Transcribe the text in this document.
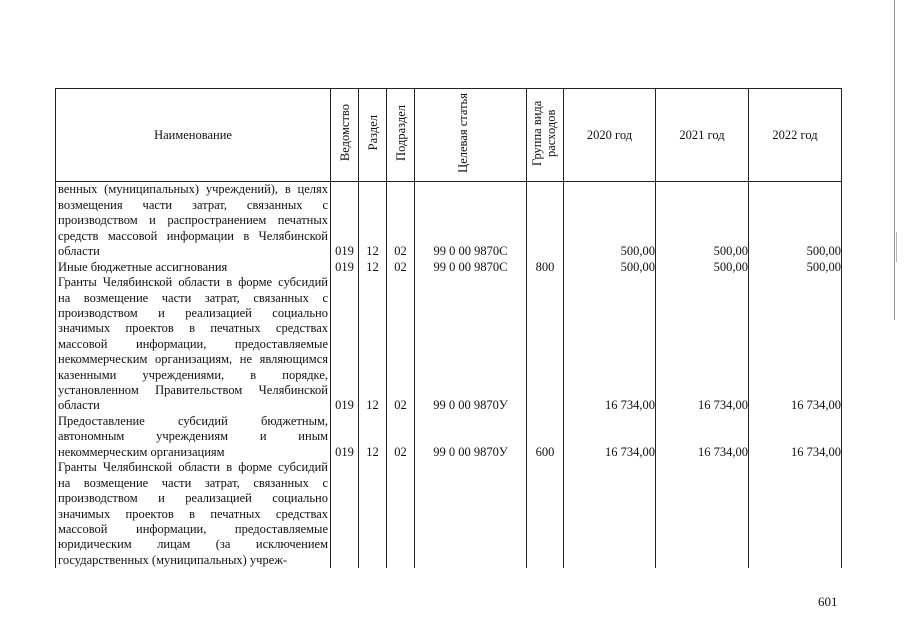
Наименование	Ведомство	Раздел	Подраздел	Целевая статья	Группа вида расходов	2020 год	2021 год	2022 год
венных (муниципальных) учреждений), в целях возмещения части затрат, связанных с производством и распространением печатных средств массовой информации в Челябинской области	019	12	02	99 0 00 9870С		500,00	500,00	500,00
Иные бюджетные ассигнования	019	12	02	99 0 00 9870С	800	500,00	500,00	500,00
Гранты Челябинской области в форме субсидий на возмещение части затрат, связанных с производством и реализацией социально значимых проектов в печатных средствах массовой информации, предоставляемые некоммерческим организациям, не являющимся казенными учреждениями, в порядке, установленном Правительством Челябинской области	019	12	02	99 0 00 9870У		16 734,00	16 734,00	16 734,00
Предоставление субсидий бюджетным, автономным учреждениям и иным некоммерческим организациям	019	12	02	99 0 00 9870У	600	16 734,00	16 734,00	16 734,00
Гранты Челябинской области в форме субсидий на возмещение части затрат, связанных с производством и реализацией социально значимых проектов в печатных средствах массовой информации, предоставляемые юридическим лицам (за исключением государственных (муниципальных) учреж-								
601
